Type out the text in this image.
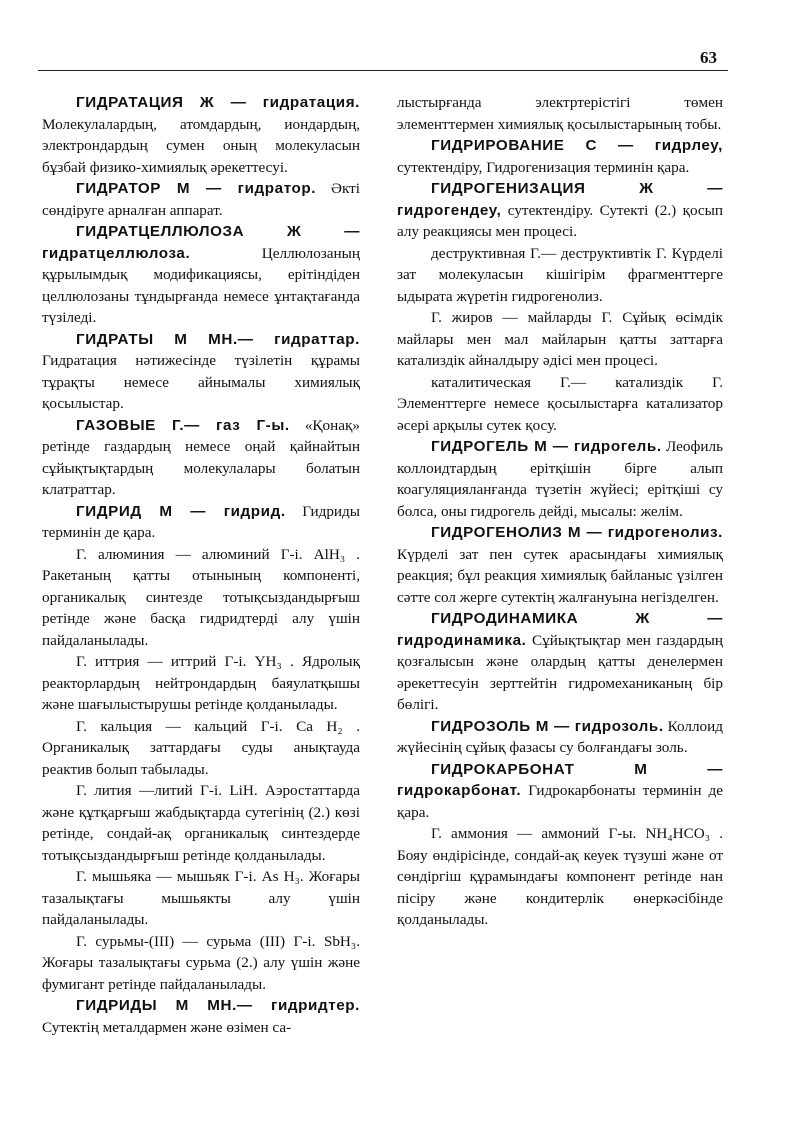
63

ГИДРАТАЦИЯ Ж — гидратация. Молекулалардың, атомдардың, иондардың, электрондардың сумен оның молекуласын бұзбай физико-химиялық әрекеттесуі.

ГИДРАТОР М — гидратор. Әкті сөндіруге арналған аппарат.

ГИДРАТЦЕЛЛЮЛОЗА Ж — гидратцеллюлоза.	Целлюлозаның құрылымдық модификациясы, ерітіндіден целлюлозаны тұндырғанда немесе ұнтақтағанда түзіледі.

ГИДРАТЫ М МН.— гидраттар. Гидратация нәтижесінде түзілетін құрамы тұрақты немесе айнымалы химиялық қосылыстар.

ГАЗОВЫЕ Г.— газ Г-ы. «Қонақ» ретінде газдардың немесе оңай қайнайтын сұйықтықтардың молекулалары болатын клатраттар.

ГИДРИД М — гидрид. Гидриды терминін де қара.

Г. алюминия — алюминий Г-і. AlH₃ . Ракетаның қатты отынының компоненті, органикалық синтезде тотықсыздандырғыш ретінде және басқа гидридтерді алу үшін пайдаланылады.

Г. иттрия — иттрий Г-і. YH₃ . Ядролық реакторлардың нейтрондардың баяулатқышы және шағылыстырушы ретінде қолданылады.

Г. кальция — кальций Г-і. Ca H₂ . Органикалық заттардағы суды анықтауда реактив болып табылады.

Г. лития —литий Г-і. LiH. Аэростаттарда және құтқарғыш жабдықтарда сутегінің (2.) көзі ретінде, сондай-ақ органикалық синтездерде тотықсыздандырғыш ретінде қолданылады.

Г. мышьяка — мышьяк Г-і. As H₃. Жоғары тазалықтағы мышьякты алу үшін пайдаланылады.

Г. сурьмы-(III) — сурьма (III) Г-і. SbH₃. Жоғары тазалықтағы сурьма (2.) алу үшін және фумигант ретінде пайдаланылады.

ГИДРИДЫ М МН.— гидридтер. Сутектің металдармен және өзімен са-

лыстырғанда электртерістігі төмен элементтермен химиялық қосылыстарының тобы.

ГИДРИРОВАНИЕ С — гидрлеу, сутектендіру, Гидрогенизация терминін қара.

ГИДРОГЕНИЗАЦИЯ Ж — гидрогендеу, сутектендіру. Сутекті (2.) қосып алу реакциясы мен процесі.

деструктивная Г.— деструктивтік Г. Күрделі зат молекуласын кішігірім фрагменттерге ыдырата жүретін гидрогенолиз.

Г. жиров — майларды Г. Сұйық өсімдік майлары мен мал майларын қатты заттарға катализдік айналдыру әдісі мен процесі.

каталитическая Г.— катализдік Г. Элементтерге немесе қосылыстарға катализатор әсері арқылы сутек қосу.

ГИДРОГЕЛЬ М — гидрогель. Леофиль коллоидтардың ерітқішін бірге алып коагуляцияланғанда түзетін жүйесі; ерітқіші су болса, оны гидрогель дейді, мысалы: желім.

ГИДРОГЕНОЛИЗ М — гидрогенолиз. Күрделі зат пен сутек арасындағы химиялық реакция; бұл реакция химиялық байланыс үзілген сәтте сол жерге сутектің жалғануына негізделген.

ГИДРОДИНАМИКА Ж — гидродинамика. Сұйықтықтар мен газдардың қозғалысын және олардың қатты денелермен әрекеттесуін зерттейтін гидромеханиканың бір бөлігі.

ГИДРОЗОЛЬ М — гидрозоль. Коллоид жүйесінің сұйық фазасы су болғандағы золь.

ГИДРОКАРБОНАТ М — гидрокарбонат. Гидрокарбонаты терминін де қара.

Г. аммония — аммоний Г-ы. NH₄HCO₃ . Бояу өндірісінде, сондай-ақ кеуек түзуші және от сөндіргіш құрамындағы компонент ретінде нан пісіру және кондитерлік өнеркәсібінде қолданылады.
